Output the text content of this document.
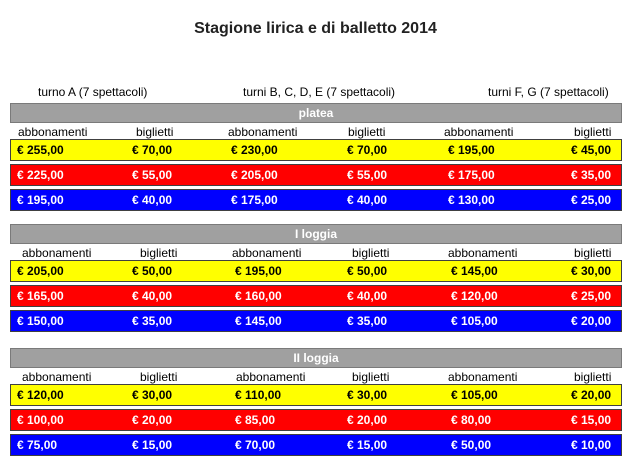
Stagione lirica e di balletto 2014
turno A (7 spettacoli)	turni B, C, D, E (7 spettacoli)	turni F, G (7 spettacoli)
platea
abbonamenti	biglietti	abbonamenti	biglietti	abbonamenti	biglietti
€ 255,00	€ 70,00	€ 230,00	€ 70,00	€ 195,00	€ 45,00
€ 225,00	€ 55,00	€ 205,00	€ 55,00	€ 175,00	€ 35,00
€ 195,00	€ 40,00	€ 175,00	€ 40,00	€ 130,00	€ 25,00
I loggia
abbonamenti	biglietti	abbonamenti	biglietti	abbonamenti	biglietti
€ 205,00	€ 50,00	€ 195,00	€ 50,00	€ 145,00	€ 30,00
€ 165,00	€ 40,00	€ 160,00	€ 40,00	€ 120,00	€ 25,00
€ 150,00	€ 35,00	€ 145,00	€ 35,00	€ 105,00	€ 20,00
II loggia
abbonamenti	biglietti	abbonamenti	biglietti	abbonamenti	biglietti
€ 120,00	€ 30,00	€ 110,00	€ 30,00	€ 105,00	€ 20,00
€ 100,00	€ 20,00	€ 85,00	€ 20,00	€ 80,00	€ 15,00
€ 75,00	€ 15,00	€ 70,00	€ 15,00	€ 50,00	€ 10,00
